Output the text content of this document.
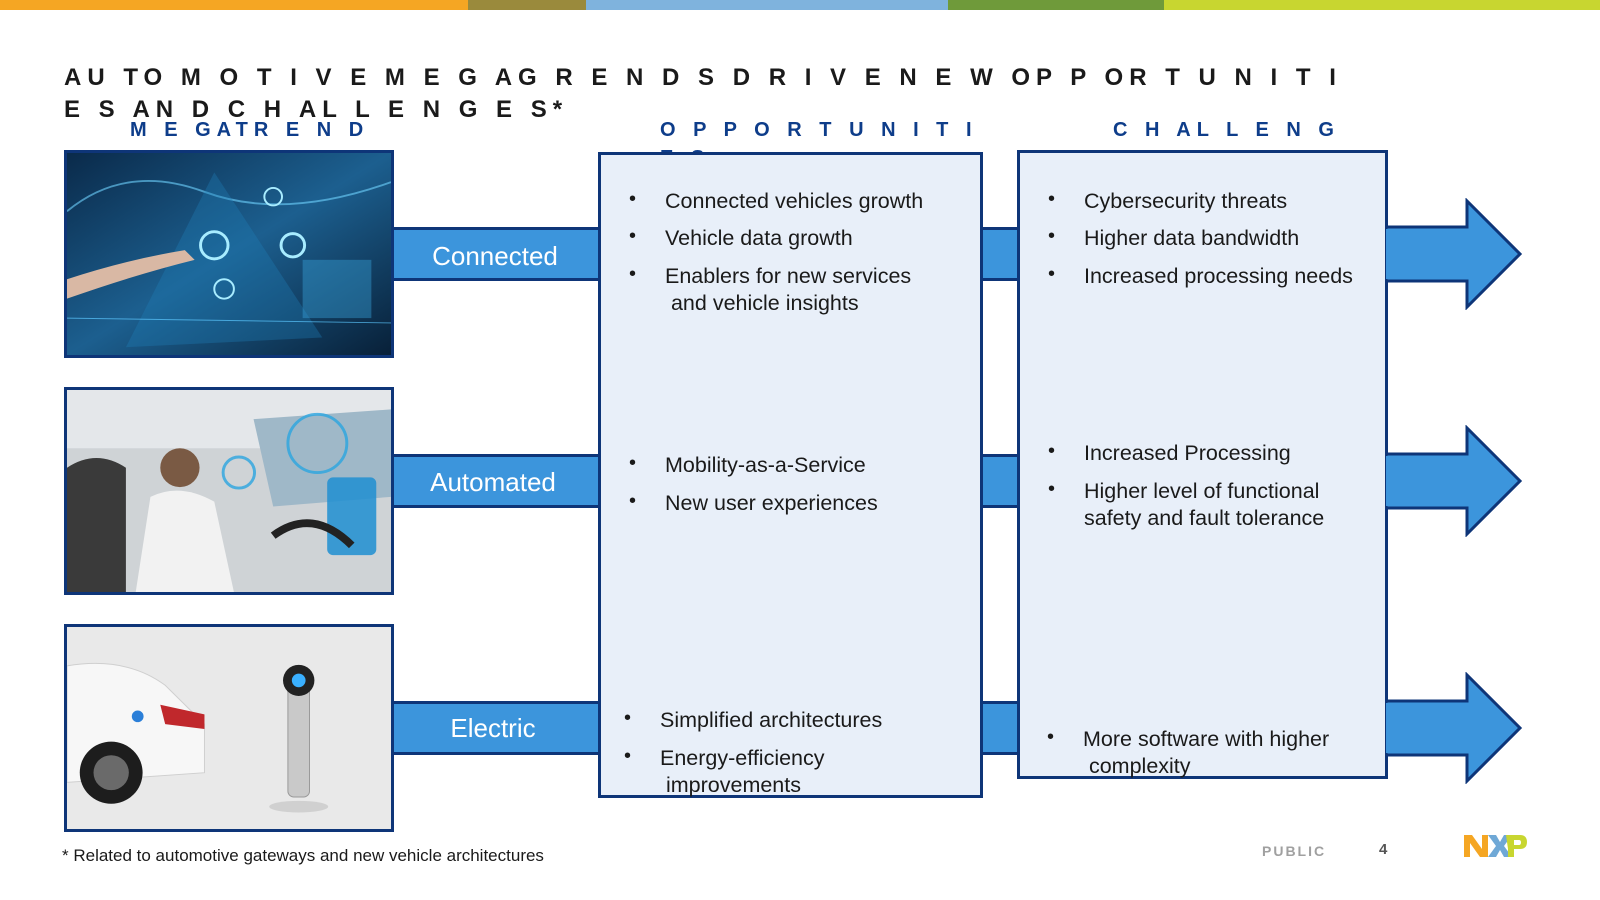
AU TO M O T I V E M E G AG R E N D S D R I V E N E W OP P OR T U N I T I E S AN D C H AL L E N G E S*
M E GATR E N D	O P P O R T U N I T I	C H AL L E N G
Connected
Automated
Electric
• Connected vehicles growth
• Vehicle data growth
• Enablers for new services
and vehicle insights
• Mobility-as-a-Service
• New user experiences
• Simplified architectures
• Energy-efficiency
improvements
• Cybersecurity threats
• Higher data bandwidth
• Increased processing needs
• Increased Processing
• Higher level of functional
safety and fault tolerance
• More software with higher
complexity
* Related to automotive gateways and new vehicle architectures	PUBLIC	4
